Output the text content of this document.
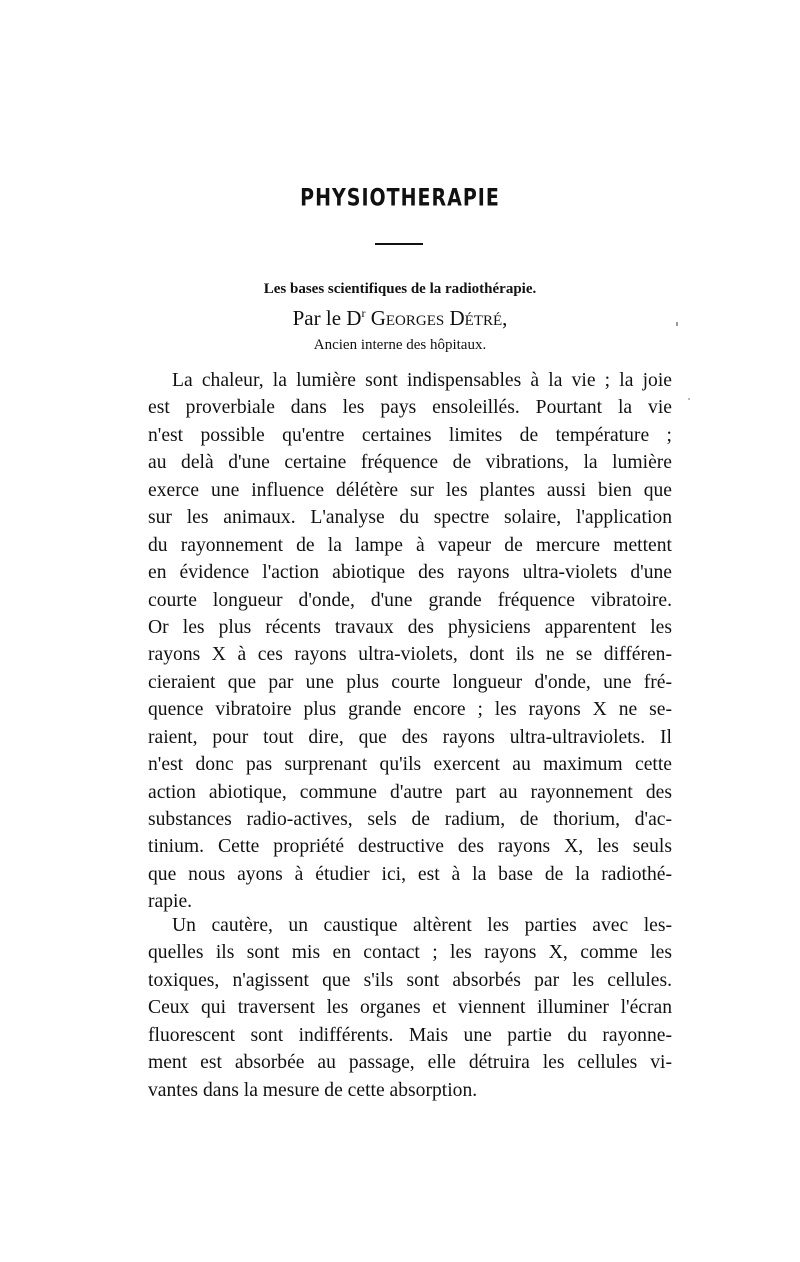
PHYSIOTHERAPIE
Les bases scientifiques de la radiothérapie.
Par le $D^r$ Georges Détré,
Ancien interne des hôpitaux.
La chaleur, la lumière sont indispensables à la vie ; la joie
est proverbiale dans les pays ensoleillés. Pourtant la vie
n'est possible qu'entre certaines limites de température ;
au delà d'une certaine fréquence de vibrations, la lumière
exerce une influence délétère sur les plantes aussi bien que
sur les animaux. L'analyse du spectre solaire, l'application
du rayonnement de la lampe à vapeur de mercure mettent
en évidence l'action abiotique des rayons ultra-violets d'une
courte longueur d'onde, d'une grande fréquence vibratoire.
Or les plus récents travaux des physiciens apparentent les
rayons X à ces rayons ultra-violets, dont ils ne se différen-
cieraient que par une plus courte longueur d'onde, une fré-
quence vibratoire plus grande encore ; les rayons X ne se-
raient, pour tout dire, que des rayons ultra-ultraviolets. Il
n'est donc pas surprenant qu'ils exercent au maximum cette
action abiotique, commune d'autre part au rayonnement des
substances radio-actives, sels de radium, de thorium, d'ac-
tinium. Cette propriété destructive des rayons X, les seuls
que nous ayons à étudier ici, est à la base de la radiothé-
rapie.
Un cautère, un caustique altèrent les parties avec les-
quelles ils sont mis en contact ; les rayons X, comme les
toxiques, n'agissent que s'ils sont absorbés par les cellules.
Ceux qui traversent les organes et viennent illuminer l'écran
fluorescent sont indifférents. Mais une partie du rayonne-
ment est absorbée au passage, elle détruira les cellules vi-
vantes dans la mesure de cette absorption.
